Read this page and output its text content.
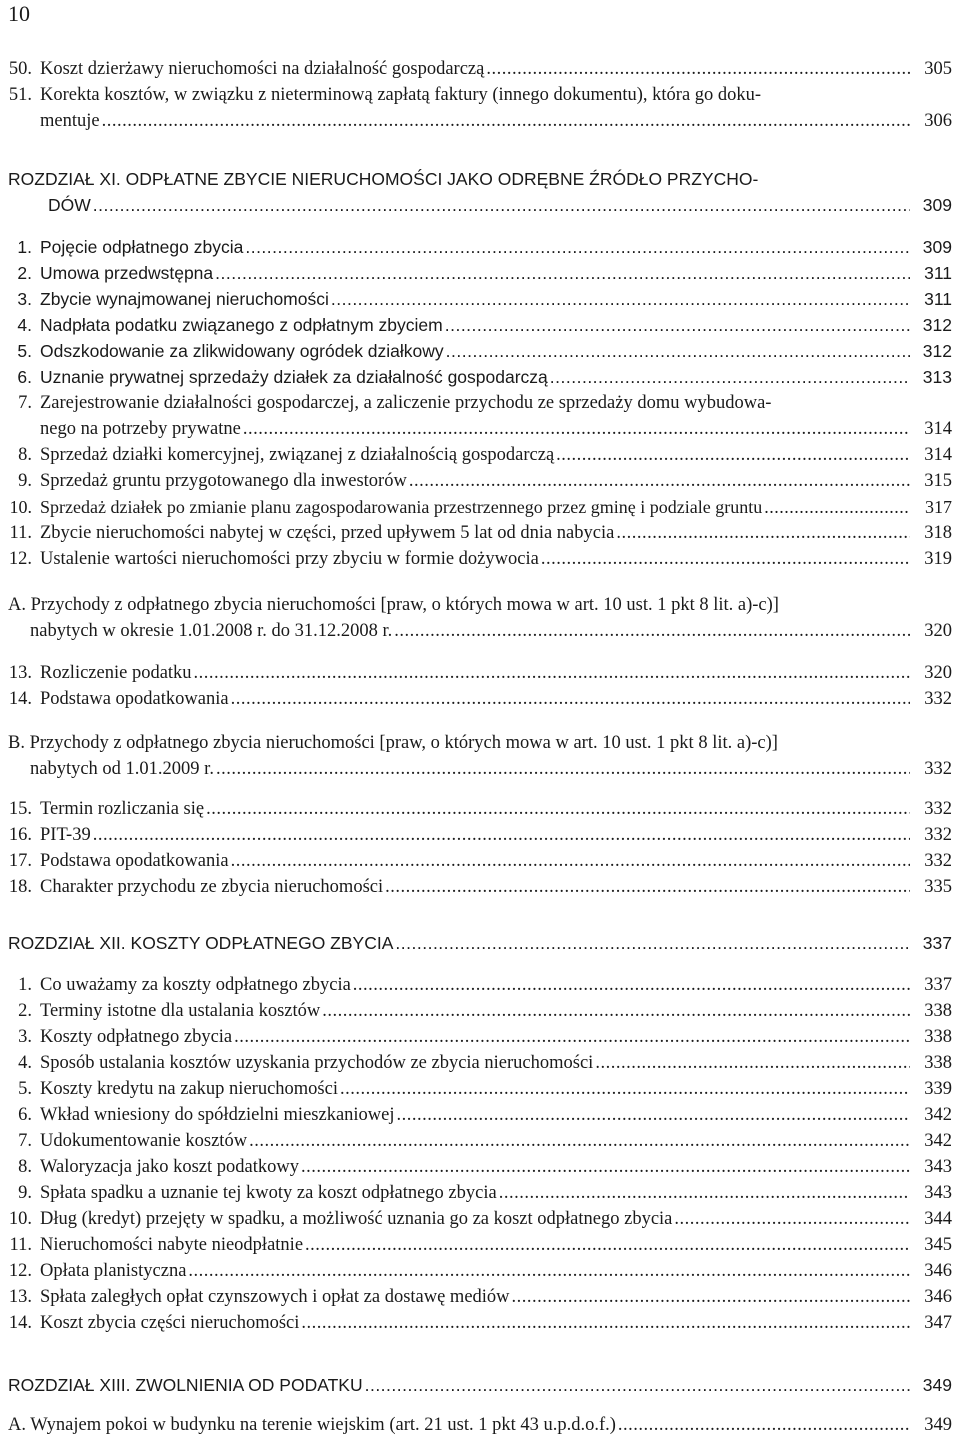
10
50. Koszt dzierżawy nieruchomości na działalność gospodarczą .....	305
51. Korekta kosztów, w związku z nieterminową zapłatą faktury (innego dokumentu), która go doku-
mentuje .....	306
ROZDZIAŁ XI. ODPŁATNE ZBYCIE NIERUCHOMOŚCI JAKO ODRĘBNE ŹRÓDŁO PRZYCHO-
DÓW .....	309
1. Pojęcie odpłatnego zbycia .....	309
2. Umowa przedwstępna .....	311
3. Zbycie wynajmowanej nieruchomości .....	311
4. Nadpłata podatku związanego z odpłatnym zbyciem .....	312
5. Odszkodowanie za zlikwidowany ogródek działkowy .....	312
6. Uznanie prywatnej sprzedaży działek za działalność gospodarczą .....	313
7. Zarejestrowanie działalności gospodarczej, a zaliczenie przychodu ze sprzedaży domu wybudowa-
nego na potrzeby prywatne .....	314
8. Sprzedaż działki komercyjnej, związanej z działalnością gospodarczą .....	314
9. Sprzedaż gruntu przygotowanego dla inwestorów .....	315
10. Sprzedaż działek po zmianie planu zagospodarowania przestrzennego przez gminę i podziale gruntu .....	317
11. Zbycie nieruchomości nabytej w części, przed upływem 5 lat od dnia nabycia .....	318
12. Ustalenie wartości nieruchomości przy zbyciu w formie dożywocia .....	319
A. Przychody z odpłatnego zbycia nieruchomości [praw, o których mowa w art. 10 ust. 1 pkt 8 lit. a)-c)]
nabytych w okresie 1.01.2008 r. do 31.12.2008 r. .....	320
13. Rozliczenie podatku .....	320
14. Podstawa opodatkowania .....	332
B. Przychody z odpłatnego zbycia nieruchomości [praw, o których mowa w art. 10 ust. 1 pkt 8 lit. a)-c)]
nabytych od 1.01.2009 r. .....	332
15. Termin rozliczania się .....	332
16. PIT-39 .....	332
17. Podstawa opodatkowania .....	332
18. Charakter przychodu ze zbycia nieruchomości .....	335
ROZDZIAŁ XII. KOSZTY ODPŁATNEGO ZBYCIA .....	337
1. Co uważamy za koszty odpłatnego zbycia .....	337
2. Terminy istotne dla ustalania kosztów .....	338
3. Koszty odpłatnego zbycia .....	338
4. Sposób ustalania kosztów uzyskania przychodów ze zbycia nieruchomości .....	338
5. Koszty kredytu na zakup nieruchomości .....	339
6. Wkład wniesiony do spółdzielni mieszkaniowej .....	342
7. Udokumentowanie kosztów .....	342
8. Waloryzacja jako koszt podatkowy .....	343
9. Spłata spadku a uznanie tej kwoty za koszt odpłatnego zbycia .....	343
10. Dług (kredyt) przejęty w spadku, a możliwość uznania go za koszt odpłatnego zbycia .....	344
11. Nieruchomości nabyte nieodpłatnie .....	345
12. Opłata planistyczna .....	346
13. Spłata zaległych opłat czynszowych i opłat za dostawę mediów .....	346
14. Koszt zbycia części nieruchomości .....	347
ROZDZIAŁ XIII. ZWOLNIENIA OD PODATKU .....	349
A. Wynajem pokoi w budynku na terenie wiejskim (art. 21 ust. 1 pkt 43 u.p.d.o.f.) .....	349
